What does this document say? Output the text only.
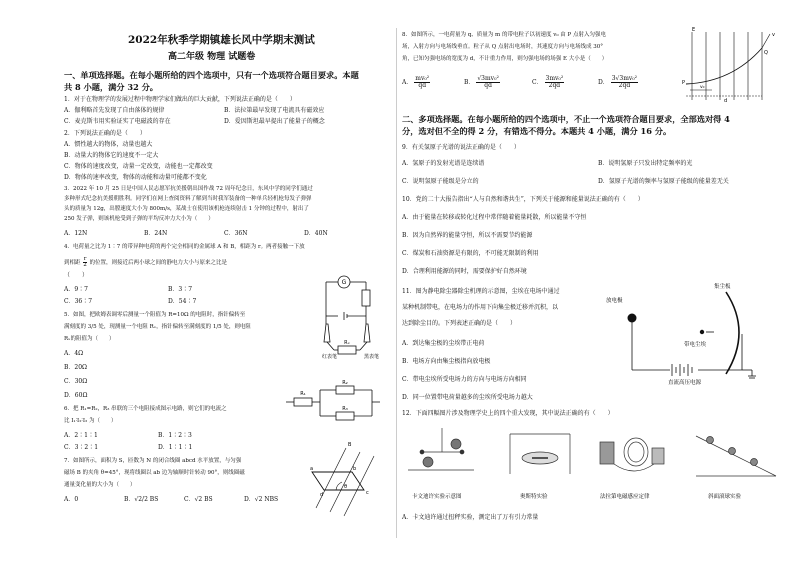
2022年秋季学期镇雄长风中学期末测试
高二年级 物理 试题卷
一、单项选择题。在每小题所给的四个选项中，只有一个选项符合题目要求。本题
共 8 小题，满分 32 分。
1．对于在物理学的发展过程中物理学家们做出的巨大贡献，下列说法正确的是（　　）
A．伽利略首先发现了自由落体的规律	B．法拉第最早发现了电流具有磁效应
C．麦克斯韦用实验证实了电磁波的存在	D．爱因斯坦最早提出了能量子的概念
2．下列说法正确的是（　　）
A．惯性越大的物体，动量也越大
B．动量大的物体它的速度不一定大
C．物体的速度改变，动量一定改变，动能也一定都改变
D．物体的速率改变，物体的动能和动量可能都不变化
3．2022 年 10 月 25 日是中国人民志愿军抗美援朝出国作战 72 周年纪念日，东风中学的同学们通过
多种形式纪念抗美援朝胜利。同学们在网上查阅资料了解到当时我军装备的一种单兵轻机枪每发子弹弹
头的质量为 12g，出膛速度大小为 800m/s，某战士在使用该机枪连续射击 1 分钟的过程中，射出了
250 发子弹，则该机枪受到子弹的平均反冲力大小为（　　）
A．12N	B．24N	C．36N	D．40N
4．电荷量之比为 1∶7 的带异种电荷的两个完全相同的金属球 A 和 B，相距为 r。两者接触一下放
到相距 $\frac{r}{2}$ 的位置，则接近后两小球之间的静电力大小与原来之比是
（　　）
A．9∶7	B．3∶7
C．36∶7	D．54∶7
5．如图，把欧姆表调零后测量一个阻值为 R=10Ω 的电阻时，指针偏转至
满刻度的 3/5 处，现测量一个电阻 Rₓ，指针偏转至满刻度的 1/5 处，则电阻
Rₓ的阻值为（　　）
A．4Ω
B．20Ω
C．30Ω
D．60Ω
6．把 R₁=R₂，R₃ 串联的三个电阻接成图示电路，则它们的电流之
比 I₁∶I₂∶I₃ 为（　　）
A．2∶1∶1	B．1∶2∶3
C．3∶2∶1	D．1∶1∶1
7．如图所示，面积为 S，匝数为 N 的闭合线圈 abcd 水平放置，与匀强
磁场 B 的夹角 θ=45°，现将线圈以 ab 边为轴顺时针转动 90°，则线圈磁
通量变化量的大小为（　　）
A．0	B．√2/2 BS	C．√2 BS	D．√2 NBS
G
红表笔	黑表笔
Rₓ
R₁
R₂
R₃
a	b
c
d
B
θ
8．如图所示，一电荷量为 q、质量为 m 的带电粒子以初速度 v₀ 由 P 点射入匀强电
场，入射方向与电场线垂直。粒子从 Q 点射出电场时，其速度方向与电场线成 30°
角，已知匀强电场的宽度为 d，不计重力作用，则匀强电场的场强 E 大小是（　　）
A． $\frac{\text{mv₀²}}{qd}$	B． $\frac{\text{√3mv₀²}}{qd}$	C． $\frac{\text{3mv₀²}}{2qd}$	D． $\frac{\text{3√3mv₀²}}{2qd}$
E
P
Q
v₀
v
d
二、多项选择题。在每小题所给的四个选项中，不止一个选项符合题目要求，全部选对得 4
分，选对但不全的得 2 分，有错选不得分。本题共 4 小题，满分 16 分。
9．有关氢原子光谱的说法正确的是（　　）
A．氢原子的发射光谱是连续谱	B．说明氢原子只发出特定频率的光
C．说明氢原子能级是分立的	D．氢原子光谱的频率与氢原子能级的能量差无关
10．党的二十大报告指出“人与自然和谐共生”，下列关于能源和能量说法正确的有（　　）
A．由于能量在转移或转化过程中常伴随着能量耗散，所以能量不守恒
B．因为自然界的能量守恒，所以不需要节约能源
C．煤炭和石油资源是有限的，不可能无限制的利用
D．合理利用能源的同时，需要保护好自然环境
11．图为静电除尘器除尘机理的示意图，尘埃在电场中通过
某种机制带电，在电场力的作用下向集尘极迁移并沉积，以
达到除尘目的。下列表述正确的是（　　）
A．到达集尘极的尘埃带正电荷
B．电场方向由集尘极指向放电极
C．带电尘埃所受电场力的方向与电场方向相同
D．同一位置带电荷量越多的尘埃所受电场力越大
放电极
集尘板
带电尘埃
直流高压电源
12．下面四幅图片涉及物理学史上的四个重大发现，其中说法正确的有（　　）
卡文迪许实验示意图	奥斯特实验	法拉第电磁感应定律	斜面滚球实验
A．卡文迪许通过扭秤实验，测定出了万有引力常量
